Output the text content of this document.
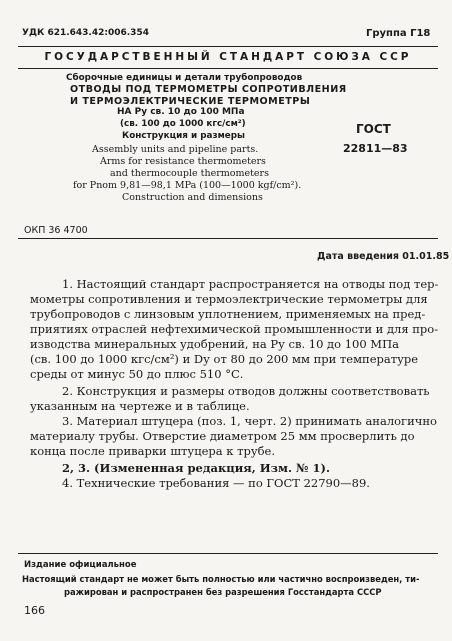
УДК 621.643.42:006.354	Группа Г18
ГОСУДАРСТВЕННЫЙ СТАНДАРТ СОЮЗА ССР
Сборочные единицы и детали трубопроводов
ОТВОДЫ ПОД ТЕРМОМЕТРЫ СОПРОТИВЛЕНИЯ
И ТЕРМОЭЛЕКТРИЧЕСКИЕ ТЕРМОМЕТРЫ
НА Pу св. 10 до 100 МПа
(св. 100 до 1000 кгс/см²)
Конструкция и размеры
Assembly units and pipeline parts.
Arms for resistance thermometers
and thermocouple thermometers
for Pnom 9,81—98,1 MPa (100—1000 kgf/cm²).
Construction and dimensions
ГОСТ
22811—83
ОКП 36 4700
Дата введения 01.01.85
1. Настоящий стандарт распространяется на отводы под тер-
мометры сопротивления и термоэлектрические термометры для
трубопроводов с линзовым уплотнением, применяемых на пред-
приятиях отраслей нефтехимической промышленности и для про-
изводства минеральных удобрений, на Pу св. 10 до 100 МПа
(св. 100 до 1000 кгс/см²) и Dу от 80 до 200 мм при температуре
среды от минус 50 до плюс 510 °С.
2. Конструкция и размеры отводов должны соответствовать
указанным на чертеже и в таблице.
3. Материал штуцера (поз. 1, черт. 2) принимать аналогично
материалу трубы. Отверстие диаметром 25 мм просверлить до
конца после приварки штуцера к трубе.
2, 3. (Измененная редакция, Изм. № 1).
4. Технические требования — по ГОСТ 22790—89.
Издание официальное
Настоящий стандарт не может быть полностью или частично воспроизведен, ти-
ражирован и распространен без разрешения Госстандарта СССР
166
